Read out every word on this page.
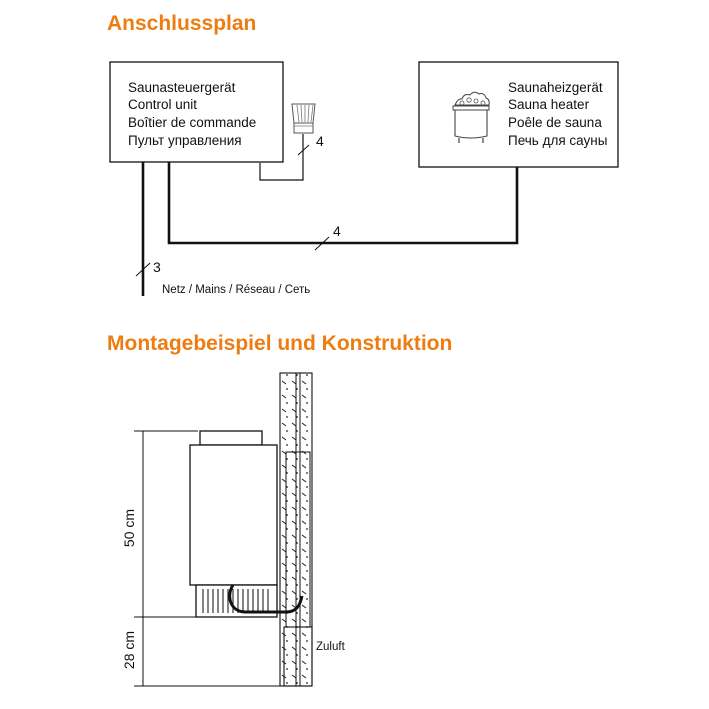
Anschlussplan
Montagebeispiel und Konstruktion
Saunasteuergerät
Control unit
Boîtier de commande
Пульт управления
Saunaheizgerät
Sauna heater
Poêle de sauna
Печь для сауны
4
4
3
Netz / Mains / Réseau / Сеть
50 cm
28 cm	Zuluft
